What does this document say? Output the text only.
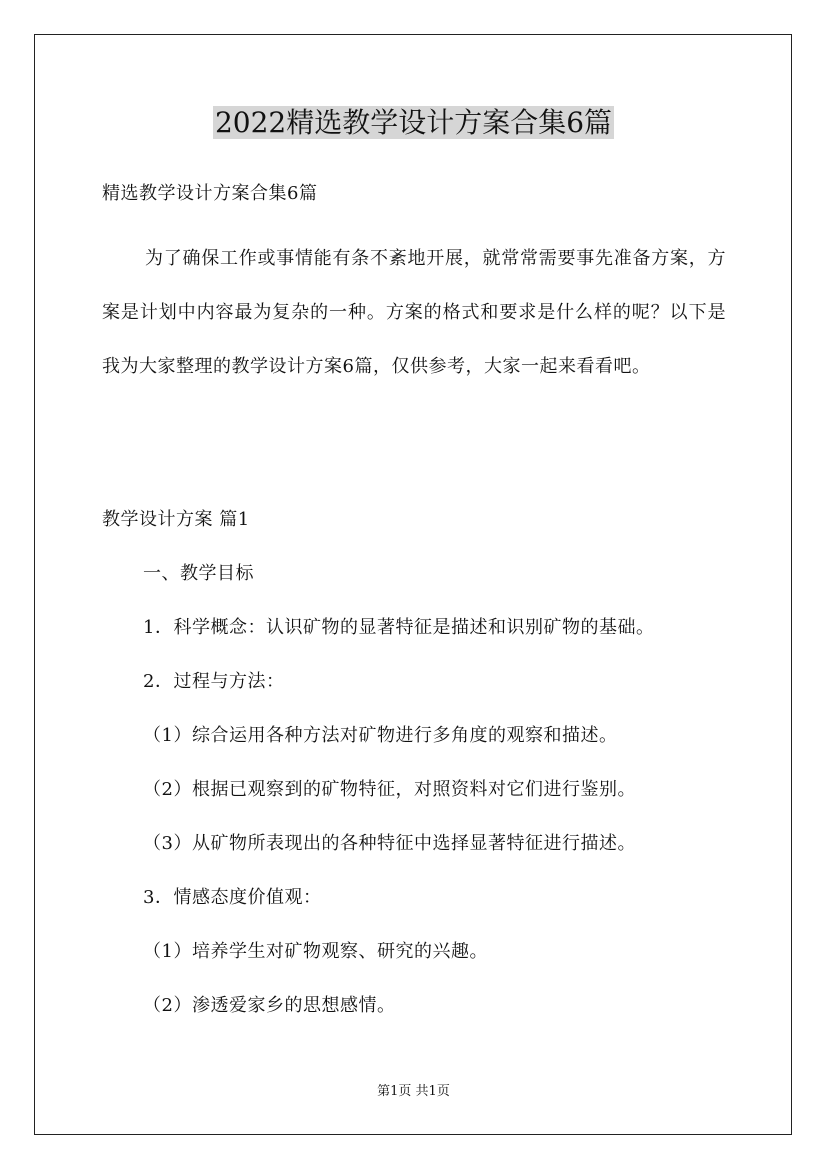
2022精选教学设计方案合集6篇
精选教学设计方案合集6篇

为了确保工作或事情能有条不紊地开展，就常常需要事先准备方案，方案是计划中内容最为复杂的一种。方案的格式和要求是什么样的呢？以下是我为大家整理的教学设计方案6篇，仅供参考，大家一起来看看吧。

教学设计方案 篇1
一、教学目标
1．科学概念：认识矿物的显著特征是描述和识别矿物的基础。
2．过程与方法：
（1）综合运用各种方法对矿物进行多角度的观察和描述。
（2）根据已观察到的矿物特征，对照资料对它们进行鉴别。
（3）从矿物所表现出的各种特征中选择显著特征进行描述。
3．情感态度价值观：
（1）培养学生对矿物观察、研究的兴趣。
（2）渗透爱家乡的思想感情。
第1页 共1页
